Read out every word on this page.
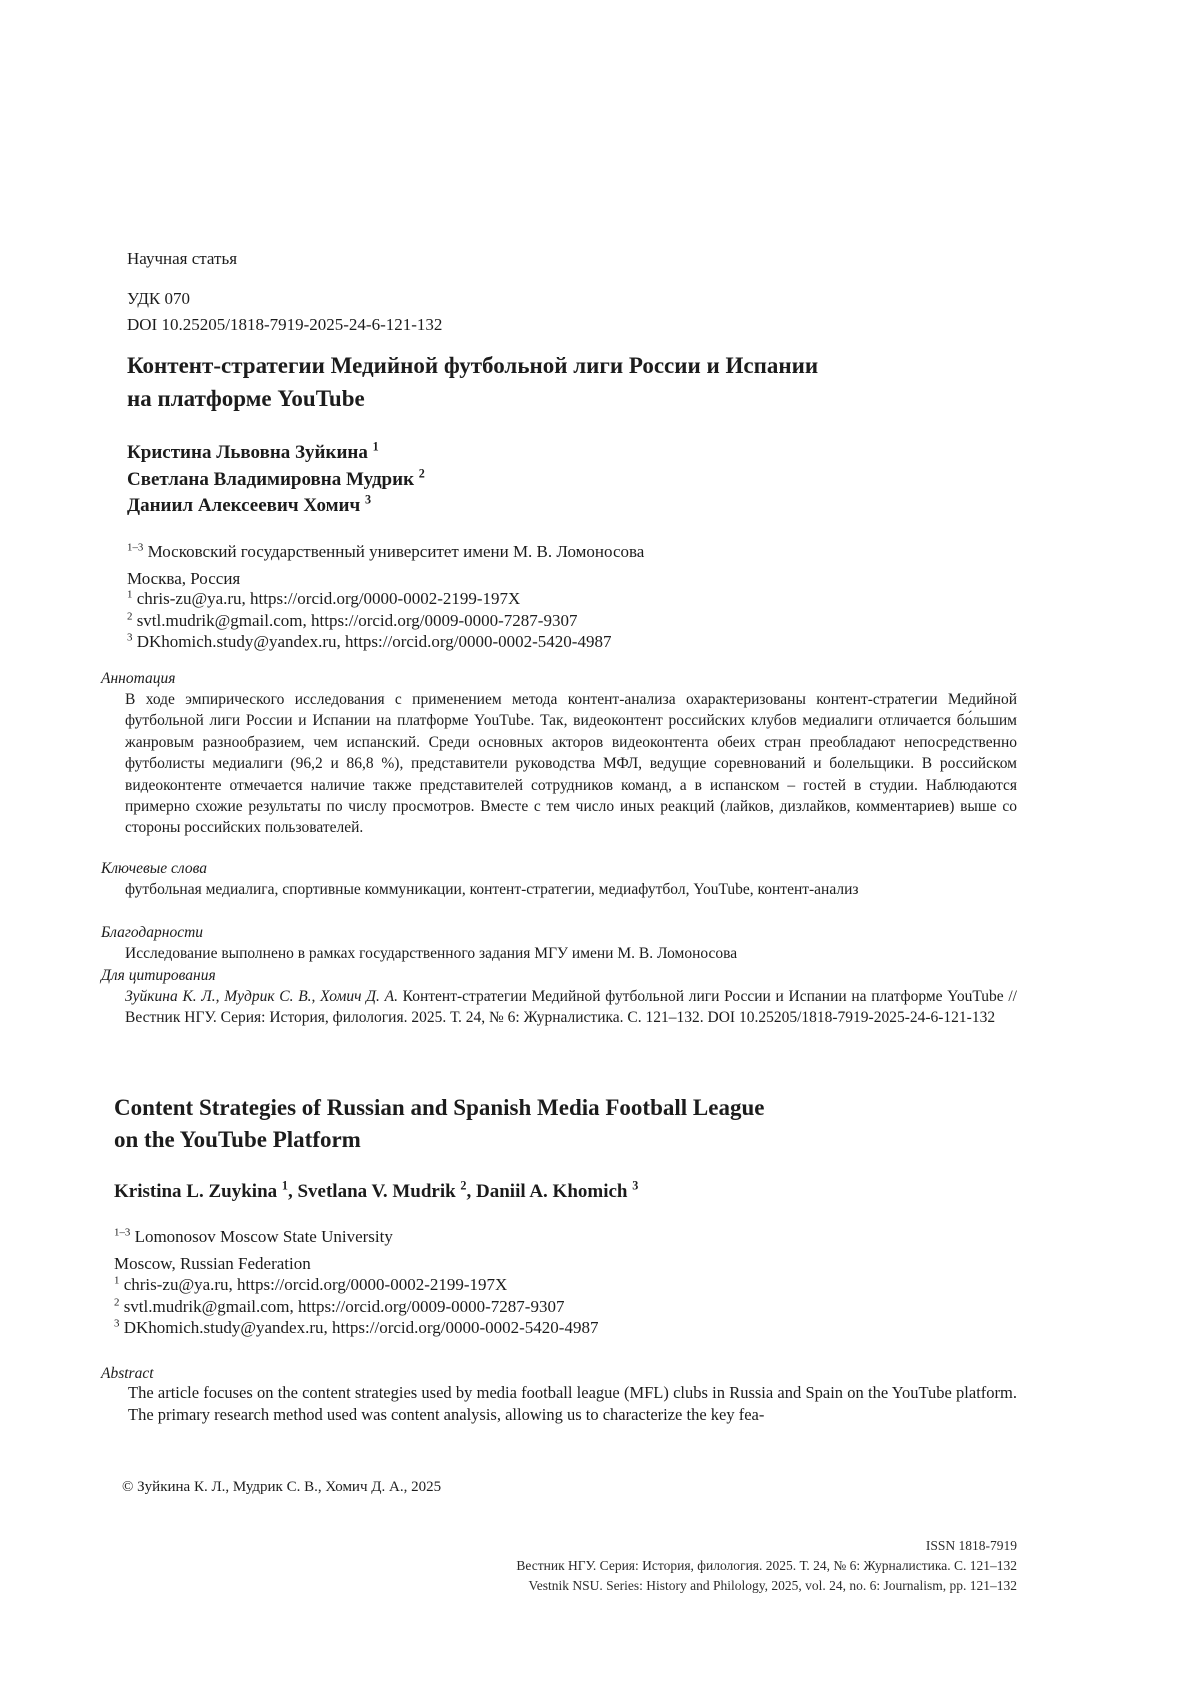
Научная статья

УДК 070

DOI 10.25205/1818-7919-2025-24-6-121-132

Контент-стратегии Медийной футбольной лиги России и Испании

на платформе YouTube

Кристина Львовна Зуйкина $^1$

Светлана Владимировна Мудрик $^2$

Даниил Алексеевич Хомич $^3$

$^{1-3}$ Московский государственный университет имени М. В. Ломоносова

Москва, Россия

$^1$ chris-zu@ya.ru, https://orcid.org/0000-0002-2199-197X

$^2$ svtl.mudrik@gmail.com, https://orcid.org/0009-0000-7287-9307

$^3$ DKhomich.study@yandex.ru, https://orcid.org/0000-0002-5420-4987

Аннотация

В ходе эмпирического исследования с применением метода контент-анализа охарактеризованы контент-стратегии Медийной футбольной лиги России и Испании на платформе YouTube. Так, видеоконтент российских клубов медиалиги отличается бо́льшим жанровым разнообразием, чем испанский. Среди основных акторов видеоконтента обеих стран преобладают непосредственно футболисты медиалиги (96,2 и 86,8 %), представители руководства МФЛ, ведущие соревнований и болельщики. В российском видеоконтенте отмечается наличие также представителей сотрудников команд, а в испанском – гостей в студии. Наблюдаются примерно схожие результаты по числу просмотров. Вместе с тем число иных реакций (лайков, дизлайков, комментариев) выше со стороны российских пользователей.

Ключевые слова

футбольная медиалига, спортивные коммуникации, контент-стратегии, медиафутбол, YouTube, контент-анализ

Благодарности

Исследование выполнено в рамках государственного задания МГУ имени М. В. Ломоносова

Для цитирования

Зуйкина К. Л., Мудрик С. В., Хомич Д. А. Контент-стратегии Медийной футбольной лиги России и Испании на платформе YouTube // Вестник НГУ. Серия: История, филология. 2025. Т. 24, № 6: Журналистика. С. 121–132. DOI 10.25205/1818-7919-2025-24-6-121-132

Content Strategies of Russian and Spanish Media Football League

on the YouTube Platform

Kristina L. Zuykina $^1$, Svetlana V. Mudrik $^2$, Daniil A. Khomich $^3$

$^{1-3}$ Lomonosov Moscow State University

Moscow, Russian Federation

$^1$ chris-zu@ya.ru, https://orcid.org/0000-0002-2199-197X

$^2$ svtl.mudrik@gmail.com, https://orcid.org/0009-0000-7287-9307

$^3$ DKhomich.study@yandex.ru, https://orcid.org/0000-0002-5420-4987

Abstract

The article focuses on the content strategies used by media football league (MFL) clubs in Russia and Spain on the YouTube platform. The primary research method used was content analysis, allowing us to characterize the key fea-

© Зуйкина К. Л., Мудрик С. В., Хомич Д. А., 2025

ISSN 1818-7919

Вестник НГУ. Серия: История, филология. 2025. Т. 24, № 6: Журналистика. С. 121–132

Vestnik NSU. Series: History and Philology, 2025, vol. 24, no. 6: Journalism, pp. 121–132
